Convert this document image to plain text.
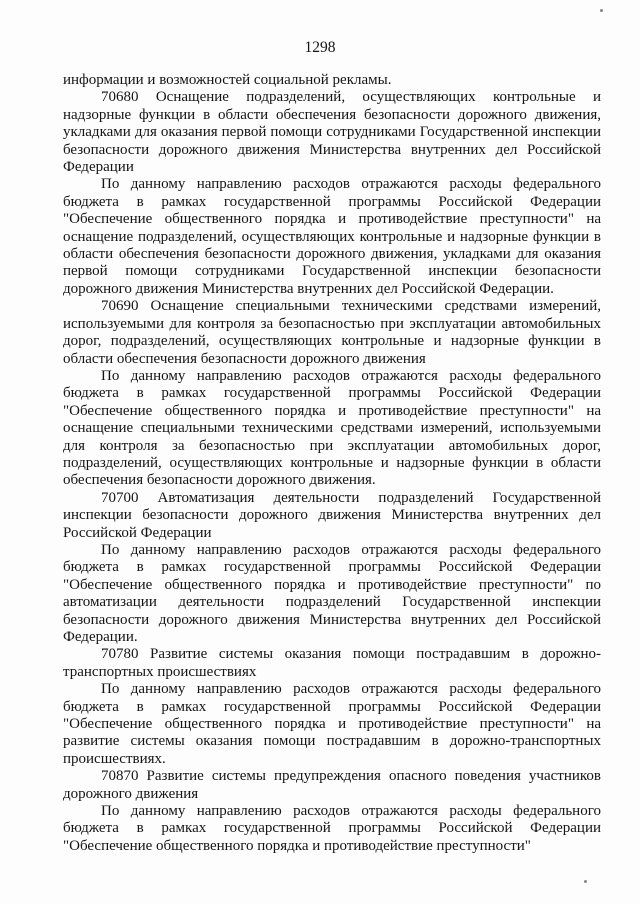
1298

информации и возможностей социальной рекламы.

70680 Оснащение подразделений, осуществляющих контрольные и надзорные функции в области обеспечения безопасности дорожного движения, укладками для оказания первой помощи сотрудниками Государственной инспекции безопасности дорожного движения Министерства внутренних дел Российской Федерации

По данному направлению расходов отражаются расходы федерального бюджета в рамках государственной программы Российской Федерации "Обеспечение общественного порядка и противодействие преступности" на оснащение подразделений, осуществляющих контрольные и надзорные функции в области обеспечения безопасности дорожного движения, укладками для оказания первой помощи сотрудниками Государственной инспекции безопасности дорожного движения Министерства внутренних дел Российской Федерации.

70690 Оснащение специальными техническими средствами измерений, используемыми для контроля за безопасностью при эксплуатации автомобильных дорог, подразделений, осуществляющих контрольные и надзорные функции в области обеспечения безопасности дорожного движения

По данному направлению расходов отражаются расходы федерального бюджета в рамках государственной программы Российской Федерации "Обеспечение общественного порядка и противодействие преступности" на оснащение специальными техническими средствами измерений, используемыми для контроля за безопасностью при эксплуатации автомобильных дорог, подразделений, осуществляющих контрольные и надзорные функции в области обеспечения безопасности дорожного движения.

70700 Автоматизация деятельности подразделений Государственной инспекции безопасности дорожного движения Министерства внутренних дел Российской Федерации

По данному направлению расходов отражаются расходы федерального бюджета в рамках государственной программы Российской Федерации "Обеспечение общественного порядка и противодействие преступности" по автоматизации деятельности подразделений Государственной инспекции безопасности дорожного движения Министерства внутренних дел Российской Федерации.

70780 Развитие системы оказания помощи пострадавшим в дорожно-транспортных происшествиях

По данному направлению расходов отражаются расходы федерального бюджета в рамках государственной программы Российской Федерации "Обеспечение общественного порядка и противодействие преступности" на развитие системы оказания помощи пострадавшим в дорожно-транспортных происшествиях.

70870 Развитие системы предупреждения опасного поведения участников дорожного движения

По данному направлению расходов отражаются расходы федерального бюджета в рамках государственной программы Российской Федерации "Обеспечение общественного порядка и противодействие преступности"
